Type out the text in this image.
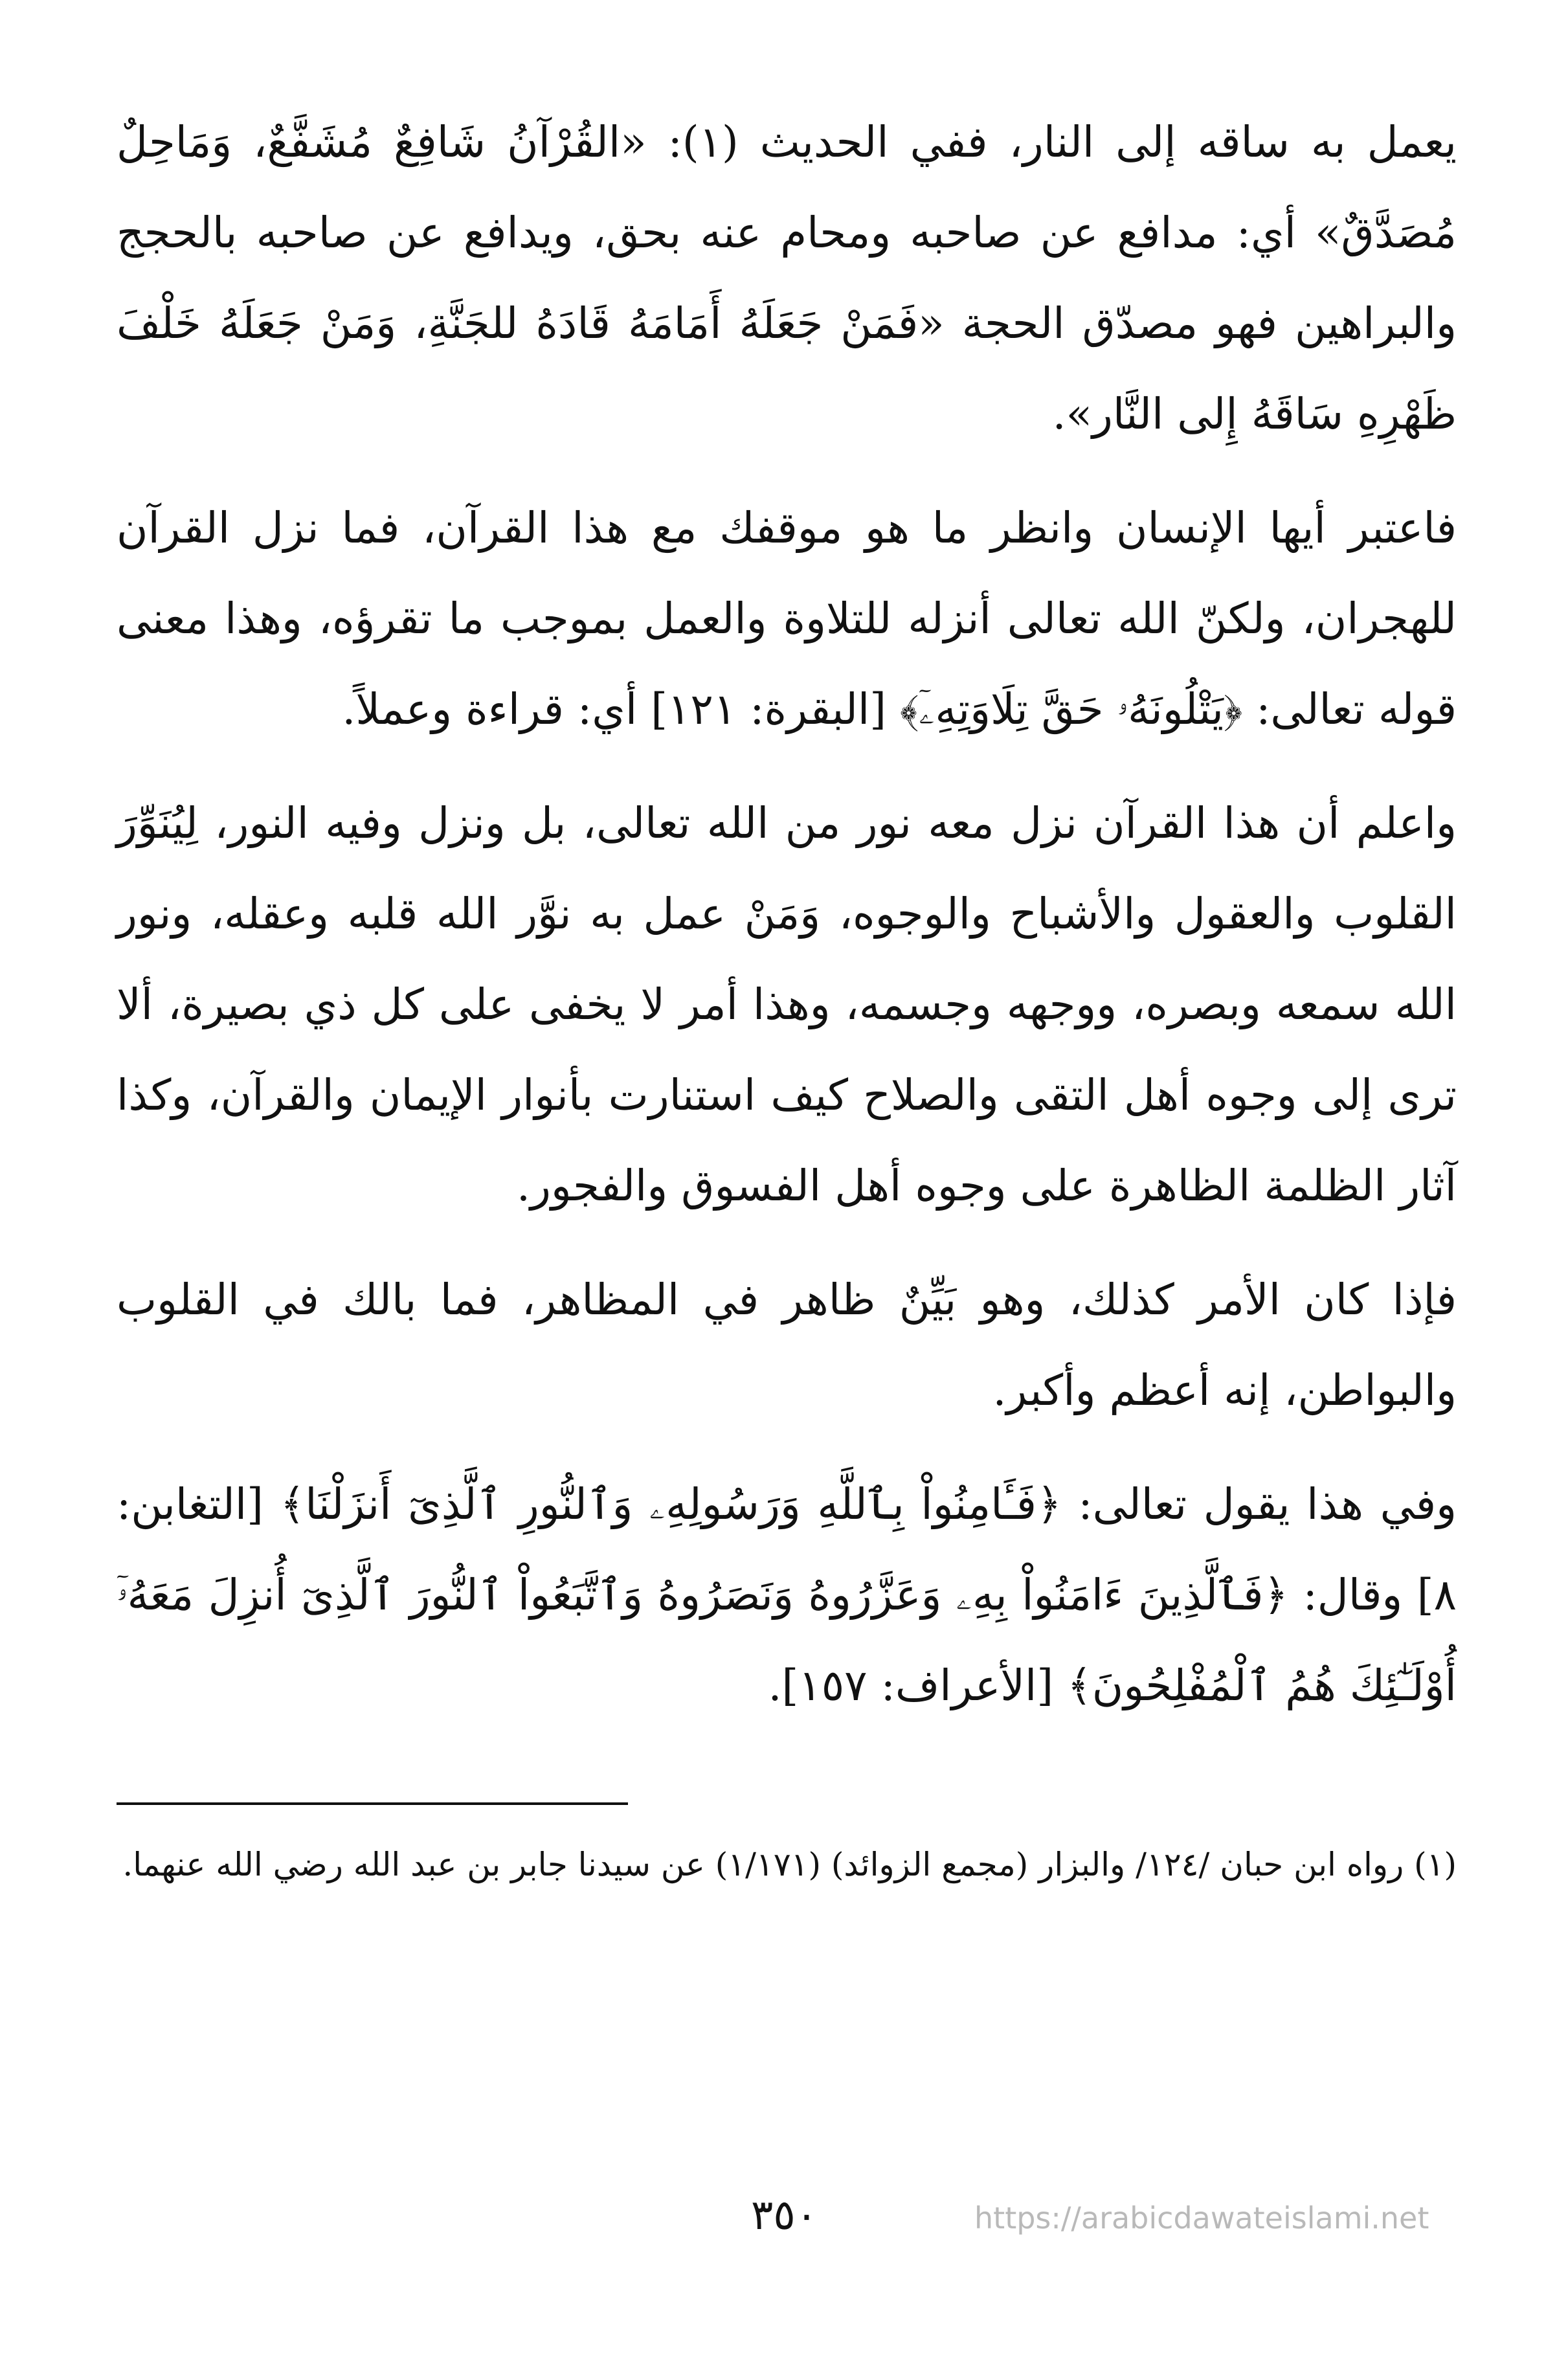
يعمل به ساقه إلى النار، ففي الحديث (١): «القُرْآنُ شَافِعٌ مُشَفَّعٌ، وَمَاحِلٌ مُصَدَّقٌ» أي: مدافع عن صاحبه ومحام عنه بحق، ويدافع عن صاحبه بالحجج والبراهين فهو مصدّق الحجة «فَمَنْ جَعَلَهُ أَمَامَهُ قَادَهُ للجَنَّةِ، وَمَنْ جَعَلَهُ خَلْفَ ظَهْرِهِ سَاقَهُ إِلى النَّار».

فاعتبر أيها الإنسان وانظر ما هو موقفك مع هذا القرآن، فما نزل القرآن للهجران، ولكنّ الله تعالى أنزله للتلاوة والعمل بموجب ما تقرؤه، وهذا معنى قوله تعالى: ﴿يَتْلُونَهُۥ حَقَّ تِلَاوَتِهِۦٓ﴾ [البقرة: ١٢١] أي: قراءة وعملاً.

واعلم أن هذا القرآن نزل معه نور من الله تعالى، بل ونزل وفيه النور، لِيُنَوِّرَ القلوب والعقول والأشباح والوجوه، وَمَنْ عمل به نوَّر الله قلبه وعقله، ونور الله سمعه وبصره، ووجهه وجسمه، وهذا أمر لا يخفى على كل ذي بصيرة، ألا ترى إلى وجوه أهل التقى والصلاح كيف استنارت بأنوار الإيمان والقرآن، وكذا آثار الظلمة الظاهرة على وجوه أهل الفسوق والفجور.

فإذا كان الأمر كذلك، وهو بَيِّنٌ ظاهر في المظاهر، فما بالك في القلوب والبواطن، إنه أعظم وأكبر.

وفي هذا يقول تعالى: ﴿فَـَٔامِنُواْ بِٱللَّهِ وَرَسُولِهِۦ وَٱلنُّورِ ٱلَّذِىٓ أَنزَلْنَا﴾ [التغابن: ٨] وقال: ﴿فَٱلَّذِينَ ءَامَنُواْ بِهِۦ وَعَزَّرُوهُ وَنَصَرُوهُ وَٱتَّبَعُواْ ٱلنُّورَ ٱلَّذِىٓ أُنزِلَ مَعَهُۥٓ أُوْلَـٰٓئِكَ هُمُ ٱلْمُفْلِحُونَ﴾ [الأعراف: ١٥٧].

(١) رواه ابن حبان /١٢٤/ والبزار (مجمع الزوائد) (١/١٧١) عن سيدنا جابر بن عبد الله رضي الله عنهما.

٣٥٠	https://arabicdawateislami.net
